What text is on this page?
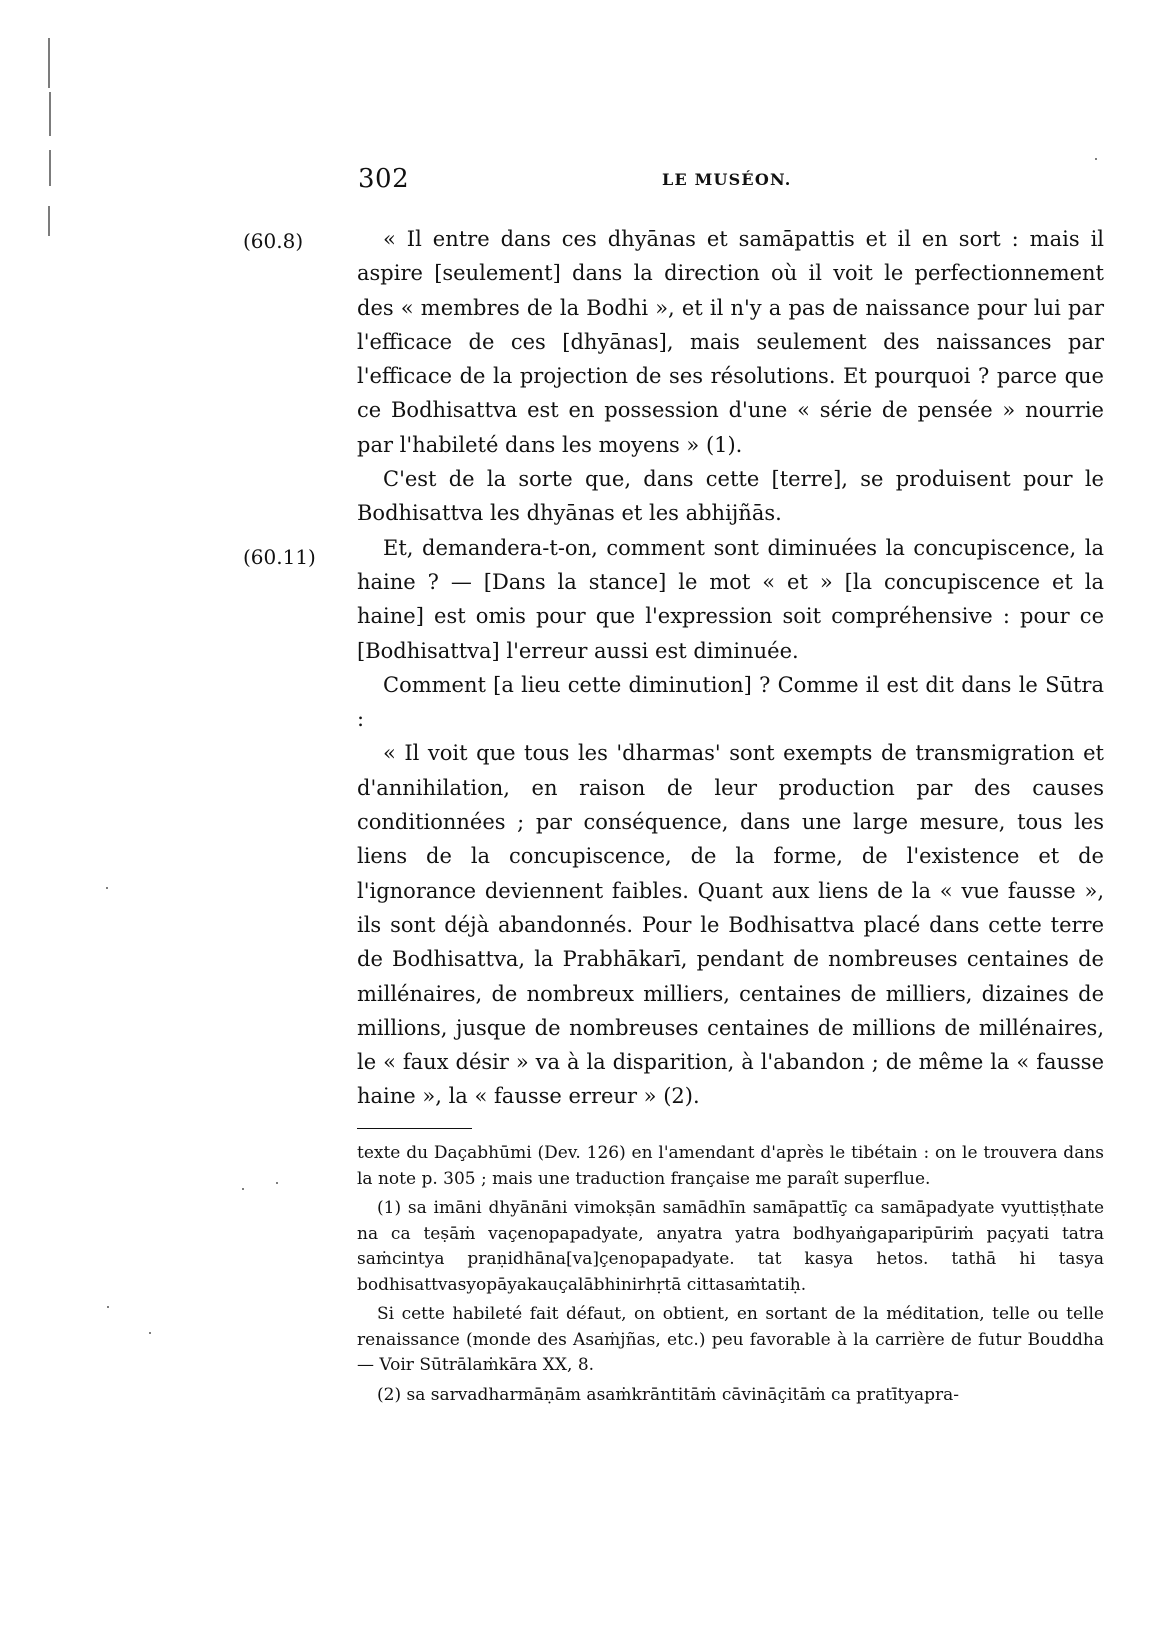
302	LE MUSÉON.
(60.8)
(60.11)

« Il entre dans ces dhyānas et samāpattis et il en sort : mais il aspire [seulement] dans la direction où il voit le perfectionnement des « membres de la Bodhi », et il n'y a pas de naissance pour lui par l'efficace de ces [dhyānas], mais seulement des naissances par l'efficace de la projection de ses résolutions. Et pourquoi ? parce que ce Bodhisattva est en possession d'une « série de pensée » nourrie par l'habileté dans les moyens » (1).

C'est de la sorte que, dans cette [terre], se produisent pour le Bodhisattva les dhyānas et les abhijñās.

Et, demandera-t-on, comment sont diminuées la concupiscence, la haine ? — [Dans la stance] le mot « et » [la concupiscence et la haine] est omis pour que l'expression soit compréhensive : pour ce [Bodhisattva] l'erreur aussi est diminuée.

Comment [a lieu cette diminution] ? Comme il est dit dans le Sūtra :

« Il voit que tous les 'dharmas' sont exempts de transmigration et d'annihilation, en raison de leur production par des causes conditionnées ; par conséquence, dans une large mesure, tous les liens de la concupiscence, de la forme, de l'existence et de l'ignorance deviennent faibles. Quant aux liens de la « vue fausse », ils sont déjà abandonnés. Pour le Bodhisattva placé dans cette terre de Bodhisattva, la Prabhākarī, pendant de nombreuses centaines de millénaires, de nombreux milliers, centaines de milliers, dizaines de millions, jusque de nombreuses centaines de millions de millénaires, le « faux désir » va à la disparition, à l'abandon ; de même la « fausse haine », la « fausse erreur » (2).

texte du Daçabhūmi (Dev. 126) en l'amendant d'après le tibétain : on le trouvera dans la note p. 305 ; mais une traduction française me paraît superflue.

(1) sa imāni dhyānāni vimokṣān samādhīn samāpattīç ca samāpadyate vyuttiṣṭhate na ca teṣāṁ vaçenopapadyate, anyatra yatra bodhyaṅgaparipūriṁ paçyati tatra saṁcintya praṇidhāna[va]çenopapadyate. tat kasya hetos. tathā hi tasya bodhisattvasyopāyakauçalābhinirhṛtā cittasaṁtatiḥ.

Si cette habileté fait défaut, on obtient, en sortant de la méditation, telle ou telle renaissance (monde des Asaṁjñas, etc.) peu favorable à la carrière de futur Bouddha — Voir Sūtrālaṁkāra XX, 8.

(2) sa sarvadharmāṇām asaṁkrāntitāṁ cāvināçitāṁ ca pratītyapra-
